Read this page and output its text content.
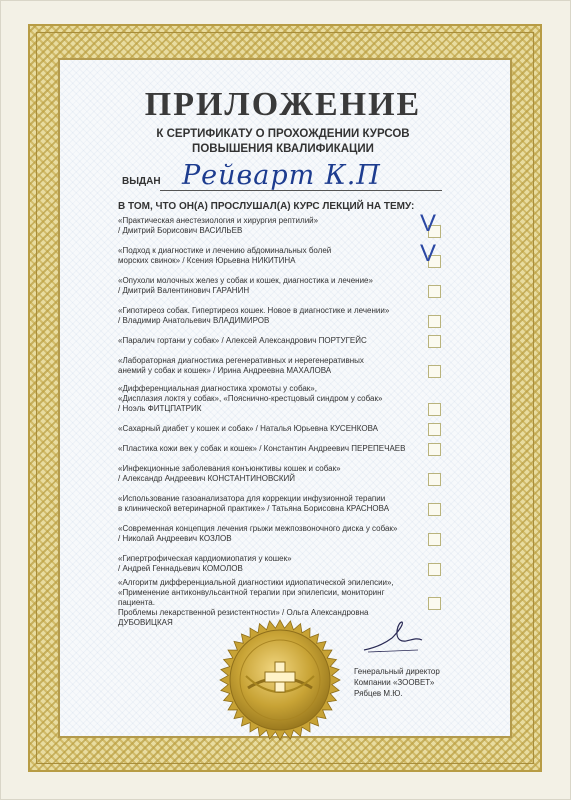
ПРИЛОЖЕНИЕ
К СЕРТИФИКАТУ О ПРОХОЖДЕНИИ КУРСОВ
ПОВЫШЕНИЯ КВАЛИФИКАЦИИ
ВЫДАН Рейварт К.П
В ТОМ, ЧТО ОН(А) ПРОСЛУШАЛ(А) КУРС ЛЕКЦИЙ НА ТЕМУ:
«Практическая анестезиология и хирургия рептилий»
/ Дмитрий Борисович ВАСИЛЬЕВ	V
«Подход к диагностике и лечению абдоминальных болей
морских свинок» / Ксения Юрьевна НИКИТИНА	V
«Опухоли молочных желез у собак и кошек, диагностика и лечение»
/ Дмитрий Валентинович ГАРАНИН
«Гипотиреоз собак. Гипертиреоз кошек. Новое в диагностике и лечении»
/ Владимир Анатольевич ВЛАДИМИРОВ
«Паралич гортани у собак» / Алексей Александрович ПОРТУГЕЙС
«Лабораторная диагностика регенеративных и нерегенеративных
анемий у собак и кошек» / Ирина Андреевна МАХАЛОВА
«Дифференциальная диагностика хромоты у собак»,
«Дисплазия локтя у собак», «Пояснично-крестцовый синдром у собак»
/ Ноэль ФИТЦПАТРИК
«Сахарный диабет у кошек и собак» / Наталья Юрьевна КУСЕНКОВА
«Пластика кожи век у собак и кошек» / Константин Андреевич ПЕРЕПЕЧАЕВ
«Инфекционные заболевания конъюнктивы кошек и собак»
/ Александр Андреевич КОНСТАНТИНОВСКИЙ
«Использование газоанализатора для коррекции инфузионной терапии
в клинической ветеринарной практике» / Татьяна Борисовна КРАСНОВА
«Современная концепция лечения грыжи межпозвоночного диска у собак»
/ Николай Андреевич КОЗЛОВ
«Гипертрофическая кардиомиопатия у кошек»
/ Андрей Геннадьевич КОМОЛОВ
«Алгоритм дифференциальной диагностики идиопатической эпилепсии»,
«Применение антиконвульсантной терапии при эпилепсии, мониторинг пациента.
Проблемы лекарственной резистентности» / Ольга Александровна ДУБОВИЦКАЯ
Генеральный директор
Компании «ЗООВЕТ»
Рябцев М.Ю.
